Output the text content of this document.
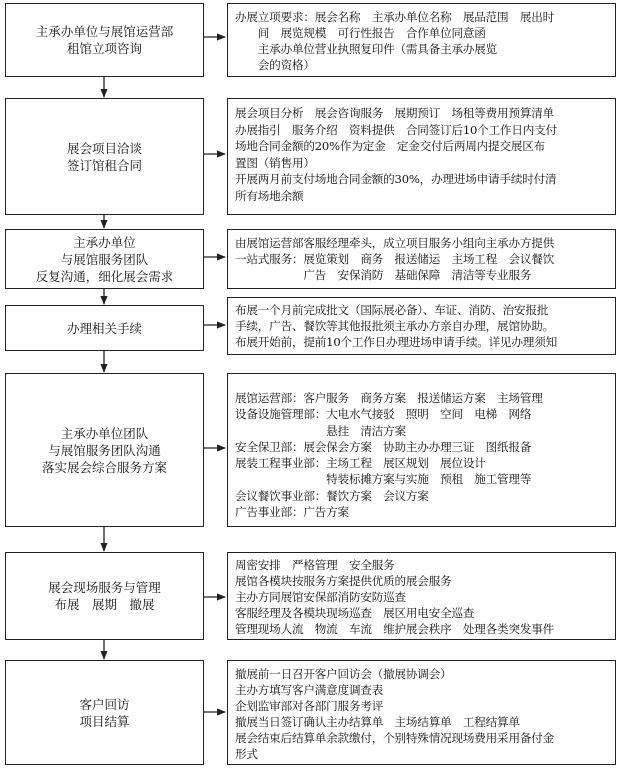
主承办单位与展馆运营部
租馆立项咨询
办展立项要求：展会名称　主承办单位名称　展品范围　展出时
　　间　展览规模　可行性报告　合作单位同意函
　　主承办单位营业执照复印件（需具备主承办展览
　　会的资格）
展会项目洽谈
签订馆租合同
展会项目分析　展会咨询服务　展期预订　场租等费用预算清单
办展指引　服务介绍　资料提供　合同签订后10个工作日内支付
场地合同金额的20%作为定金　定金交付后两周内提交展区布
置图（销售用）
开展两月前支付场地合同金额的30%，办理进场申请手续时付清
所有场地余额
主承办单位
与展馆服务团队
反复沟通，细化展会需求
由展馆运营部客服经理牵头，成立项目服务小组向主承办方提供
一站式服务：展览策划　商务　报送储运　主场工程　会议餐饮
　　　　　　广告　安保消防　基础保障　清洁等专业服务
办理相关手续
布展一个月前完成批文（国际展必备）、车证、消防、治安报批
手续，广告、餐饮等其他报批须主承办方亲自办理，展馆协助。
布展开始前，提前10个工作日办理进场申请手续。详见办理须知
主承办单位团队
与展馆服务团队沟通
落实展会综合服务方案
展馆运营部：客户服务　商务方案　报送储运方案　主场管理
设备设施管理部：大电水气接驳　照明　空间　电梯　网络
　　　　　　　　悬挂　清洁方案
安全保卫部：展会保会方案　协助主办办理三证　图纸报备
展装工程事业部：主场工程　展区规划　展位设计
　　　　　　　　特装标摊方案与实施　预租　施工管理等
会议餐饮事业部：餐饮方案　会议方案
广告事业部：广告方案
展会现场服务与管理
布展　展期　撤展
周密安排　严格管理　安全服务
展馆各模块按服务方案提供优质的展会服务
主办方同展馆安保部消防安防巡查
客服经理及各模块现场巡查　展区用电安全巡查
管理现场人流　物流　车流　维护展会秩序　处理各类突发事件
客户回访
项目结算
撤展前一日召开客户回访会（撤展协调会）
主办方填写客户满意度调查表
企划监审部对各部门服务考评
撤展当日签订确认主办结算单　主场结算单　工程结算单
展会结束后结算单余款缴付，个别特殊情况现场费用采用备付金
形式
